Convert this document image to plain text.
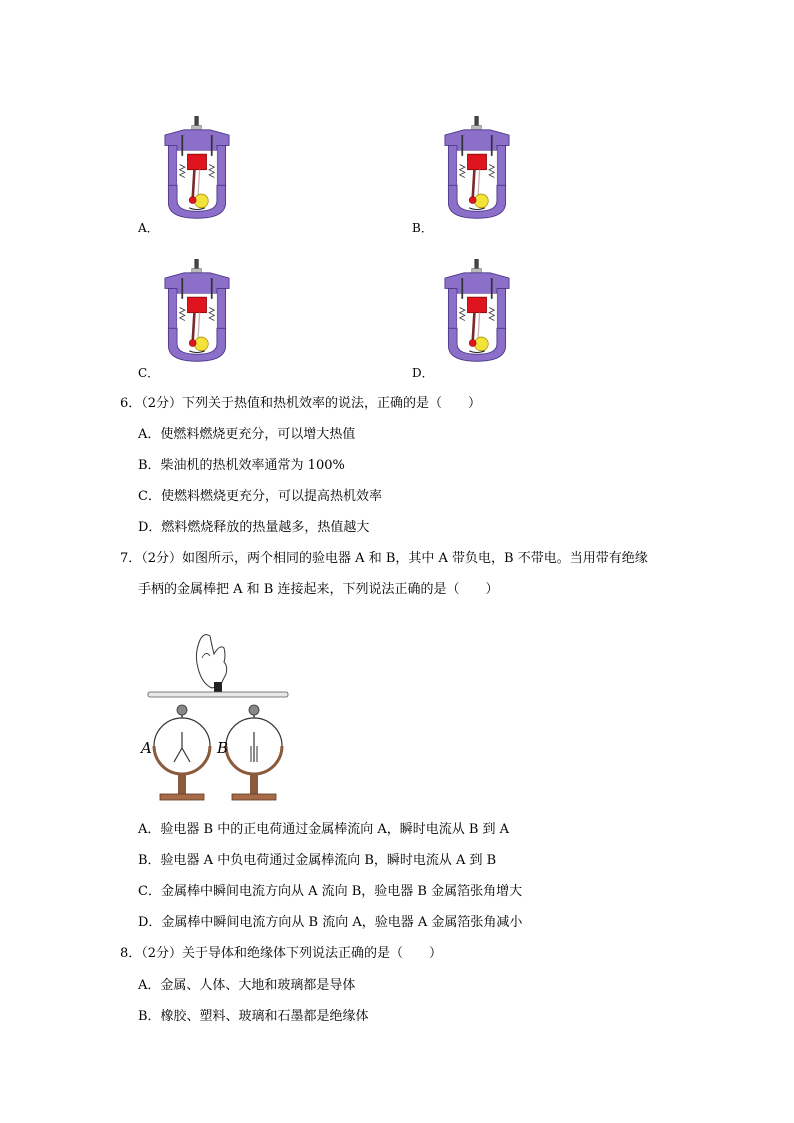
A．	B．
C．	D．
6．（2分）下列关于热值和热机效率的说法，正确的是（　　）
A．使燃料燃烧更充分，可以增大热值
B．柴油机的热机效率通常为 100%
C．使燃料燃烧更充分，可以提高热机效率
D．燃料燃烧释放的热量越多，热值越大
7．（2分）如图所示，两个相同的验电器 A 和 B，其中 A 带负电，B 不带电。当用带有绝缘
手柄的金属棒把 A 和 B 连接起来，下列说法正确的是（　　）
A	B
A．验电器 B 中的正电荷通过金属棒流向 A，瞬时电流从 B 到 A
B．验电器 A 中负电荷通过金属棒流向 B，瞬时电流从 A 到 B
C．金属棒中瞬间电流方向从 A 流向 B，验电器 B 金属箔张角增大
D．金属棒中瞬间电流方向从 B 流向 A，验电器 A 金属箔张角减小
8．（2分）关于导体和绝缘体下列说法正确的是（　　）
A．金属、人体、大地和玻璃都是导体
B．橡胶、塑料、玻璃和石墨都是绝缘体
